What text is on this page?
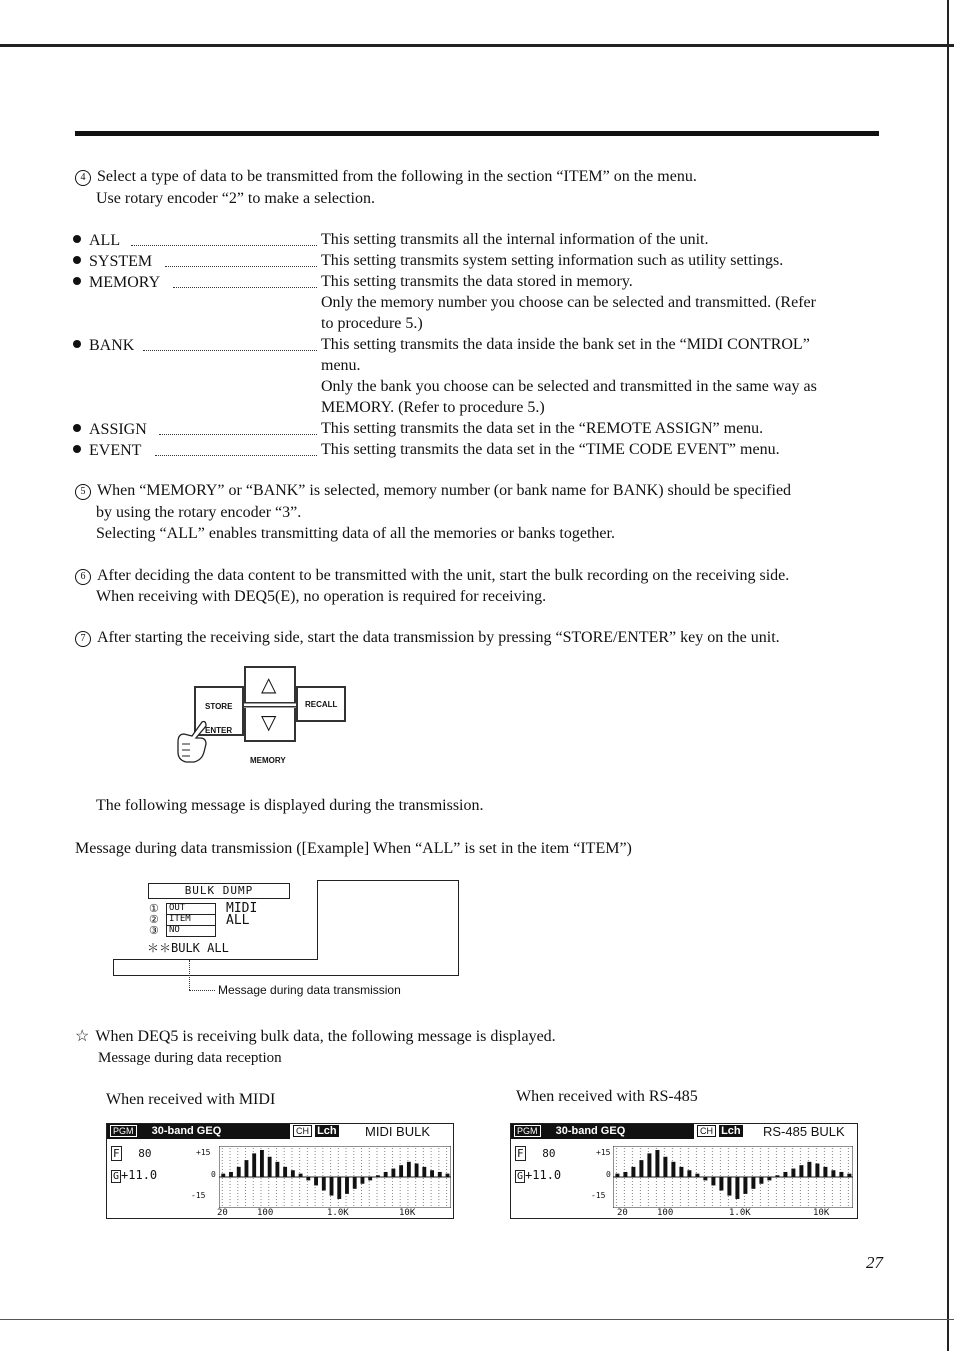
4 Select a type of data to be transmitted from the following in the section “ITEM” on the menu.
Use rotary encoder “2” to make a selection.
ALL	This setting transmits all the internal information of the unit.
SYSTEM	This setting transmits system setting information such as utility settings.
MEMORY	This setting transmits the data stored in memory.
Only the memory number you choose can be selected and transmitted. (Refer
to procedure 5.)
BANK	This setting transmits the data inside the bank set in the “MIDI CONTROL”
menu.
Only the bank you choose can be selected and transmitted in the same way as
MEMORY. (Refer to procedure 5.)
ASSIGN	This setting transmits the data set in the “REMOTE ASSIGN” menu.
EVENT	This setting transmits the data set in the “TIME CODE EVENT” menu.
5 When “MEMORY” or “BANK” is selected, memory number (or bank name for BANK) should be specified
by using the rotary encoder “3”.
Selecting “ALL” enables transmitting data of all the memories or banks together.
6 After deciding the data content to be transmitted with the unit, start the bulk recording on the receiving side.
When receiving with DEQ5(E), no operation is required for receiving.
7 After starting the receiving side, start the data transmission by pressing “STORE/ENTER” key on the unit.
△
▽
STORE
ENTER
RECALL
MEMORY
The following message is displayed during the transmission.
Message during data transmission ([Example] When “ALL” is set in the item “ITEM”)
BULK DUMP
①
②
③
OUT
ITEM
NO
MIDI
ALL
＊＊BULK ALL
Message during data transmission
☆ When DEQ5 is receiving bulk data, the following message is displayed.
Message during data reception
When received with MIDI
PGM 30-band GEQ	CH Lch	MIDI BULK
F 80
G +11.0
+15
0
-15
20	100	1.0K	10K
When received with RS-485
PGM 30-band GEQ	CH Lch	RS-485 BULK
F 80
G +11.0
+15
0
-15
20	100	1.0K	10K
27
